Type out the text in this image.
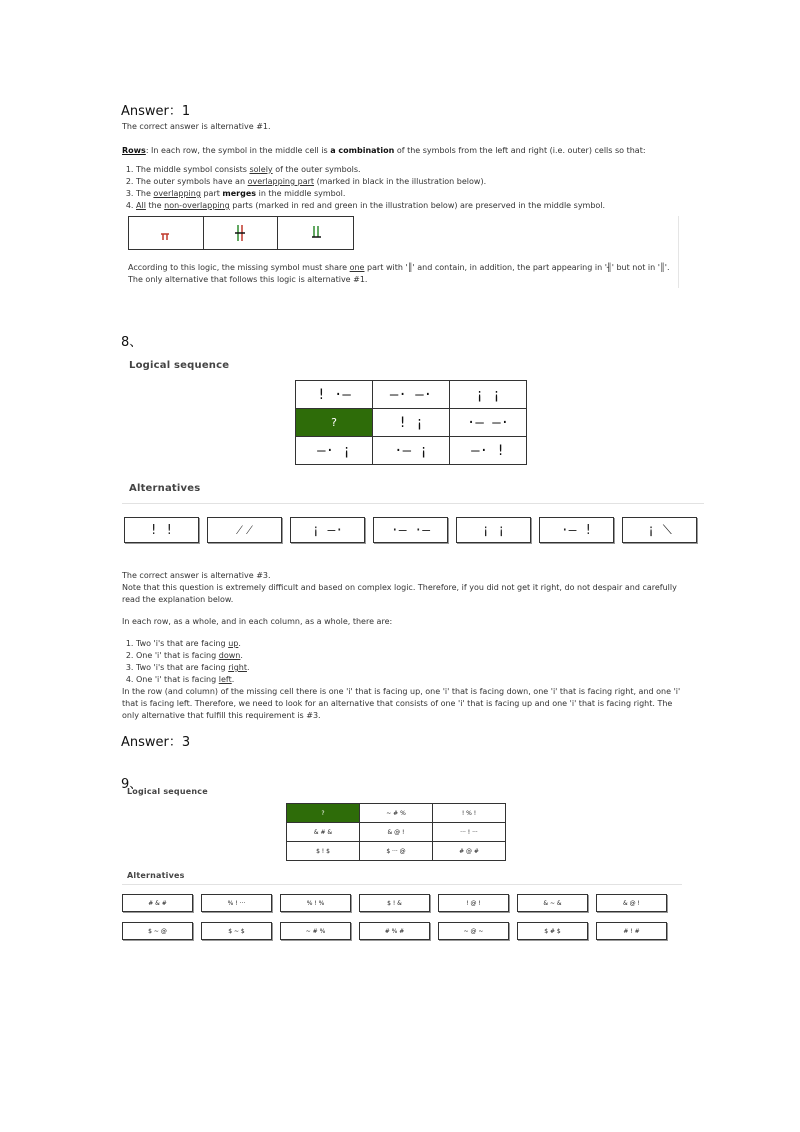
Answer：1
The correct answer is alternative #1.
Rows: In each row, the symbol in the middle cell is a combination of the symbols from the left and right (i.e. outer) cells so that:
1. The middle symbol consists solely of the outer symbols.
2. The outer symbols have an overlapping part (marked in black in the illustration below).
3. The overlapping part merges in the middle symbol.
4. All the non-overlapping parts (marked in red and green in the illustration below) are preserved in the middle symbol.
According to this logic, the missing symbol must share one part with '║' and contain, in addition, the part appearing in '╢' but not in '║'. The only alternative that follows this logic is alternative #1.
8、
Logical sequence
! ·—	—· —·	¡ ¡
?	! ¡	·— —·
—· ¡	·— ¡	—· !
Alternatives
! !	⁄ ⁄	¡ —·	·— ·—	¡ ¡	·— !	¡ ⟍
The correct answer is alternative #3.
Note that this question is extremely difficult and based on complex logic. Therefore, if you did not get it right, do not despair and carefully read the explanation below.
In each row, as a whole, and in each column, as a whole, there are:
1. Two 'i's that are facing up.
2. One 'i' that is facing down.
3. Two 'i's that are facing right.
4. One 'i' that is facing left.
In the row (and column) of the missing cell there is one 'i' that is facing up, one 'i' that is facing down, one 'i' that is facing right, and one 'i' that is facing left. Therefore, we need to look for an alternative that consists of one 'i' that is facing up and one 'i' that is facing right. The only alternative that fulfill this requirement is #3.
Answer：3
9、
Logical sequence
?	~ # %	! % !
& # &	& @ !	··· ! ···
$ ! $	$ ··· @	# @ #
Alternatives
# & #	% ! ···	% ! %	$ ! &	! @ !	& ~ &	& @ !
$ ~ @	$ ~ $	~ # %	# % #	~ @ ~	$ # $	# ! #
